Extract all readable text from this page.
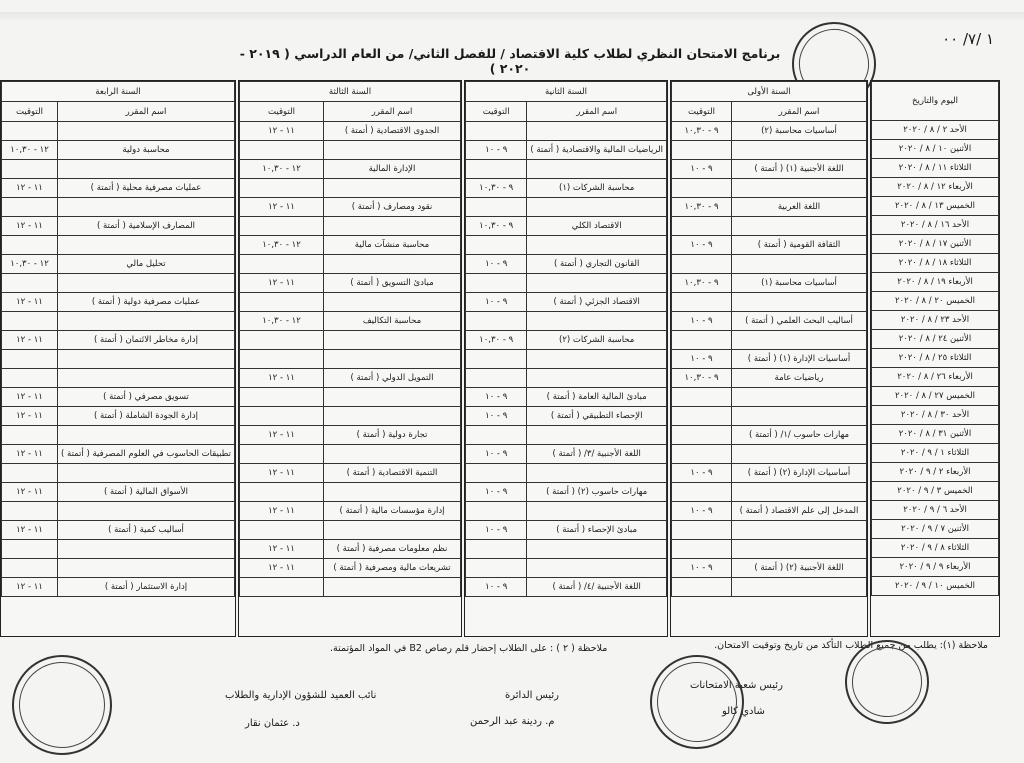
١ /٧/ ٠٠
برنامج الامتحان النظري لطلاب كلية الاقتصاد / للفصل الثاني/ من العام الدراسي ( ٢٠١٩ - ٢٠٢٠ )
السنة الرابعة	
اسم المقرر	التوقيت

محاسبة دولية	١٢ - ١٠,٣٠

عمليات مصرفية محلية ( أتمتة )	١١ - ١٢

المصارف الإسلامية ( أتمتة )	١١ - ١٢

تحليل مالي	١٢ - ١٠,٣٠

عمليات مصرفية دولية ( أتمتة )	١١ - ١٢

إدارة مخاطر الائتمان ( أتمتة )	١١ - ١٢

تسويق مصرفي ( أتمتة )	١١ - ١٢
إدارة الجودة الشاملة ( أتمتة )	١١ - ١٢

تطبيقات الحاسوب في العلوم المصرفية ( أتمتة )	١١ - ١٢

الأسواق المالية ( أتمتة )	١١ - ١٢

أساليب كمية ( أتمتة )	١١ - ١٢

إدارة الاستثمار ( أتمتة )	١١ - ١٢
السنة الثالثة	
اسم المقرر	التوقيت
الجدوى الاقتصادية ( أتمتة )	١١ - ١٢

الإدارة المالية	١٢ - ١٠,٣٠

نقود ومصارف ( أتمتة )	١١ - ١٢

محاسبة منشآت مالية	١٢ - ١٠,٣٠

مبادئ التسويق ( أتمتة )	١١ - ١٢

محاسبة التكاليف	١٢ - ١٠,٣٠

التمويل الدولي ( أتمتة )	١١ - ١٢

تجارة دولية ( أتمتة )	١١ - ١٢

التنمية الاقتصادية ( أتمتة )	١١ - ١٢

إدارة مؤسسات مالية ( أتمتة )	١١ - ١٢

نظم معلومات مصرفية ( أتمتة )	١١ - ١٢
تشريعات مالية ومصرفية ( أتمتة )	١١ - ١٢

السنة الثانية	
اسم المقرر	التوقيت

الرياضيات المالية والاقتصادية ( أتمتة )	٩ - ١٠

محاسبة الشركات (١)	٩ - ١٠,٣٠

الاقتصاد الكلي	٩ - ١٠,٣٠

القانون التجاري ( أتمتة )	٩ - ١٠

الاقتصاد الجزئي ( أتمتة )	٩ - ١٠

محاسبة الشركات (٢)	٩ - ١٠,٣٠

مبادئ المالية العامة ( أتمتة )	٩ - ١٠
الإحصاء التطبيقي ( أتمتة )	٩ - ١٠

اللغة الأجنبية /٣/ ( أتمتة )	٩ - ١٠

مهارات حاسوب (٢) ( أتمتة )	٩ - ١٠

مبادئ الإحصاء ( أتمتة )	٩ - ١٠

اللغة الأجنبية /٤/ ( أتمتة )	٩ - ١٠
السنة الأولى	
اسم المقرر	التوقيت
أساسيات محاسبة (٢)	٩ - ١٠,٣٠

اللغة الأجنبية (١) ( أتمتة )	٩ - ١٠

اللغة العربية	٩ - ١٠,٣٠

الثقافة القومية ( أتمتة )	٩ - ١٠

أساسيات محاسبة (١)	٩ - ١٠,٣٠

أساليب البحث العلمي ( أتمتة )	٩ - ١٠

أساسيات الإدارة (١) ( أتمتة )	٩ - ١٠
رياضيات عامة	٩ - ١٠,٣٠

مهارات حاسوب /١/ ( أتمتة )	

أساسيات الإدارة (٢) ( أتمتة )	٩ - ١٠

المدخل إلى علم الاقتصاد ( أتمتة )	٩ - ١٠

اللغة الأجنبية (٢) ( أتمتة )	٩ - ١٠

اليوم والتاريخ
الأحد ٢ / ٨ / ٢٠٢٠
الأثنين ١٠ / ٨ / ٢٠٢٠
الثلاثاء ١١ / ٨ / ٢٠٢٠
الأربعاء ١٢ / ٨ / ٢٠٢٠
الخميس ١٣ / ٨ / ٢٠٢٠
الأحد ١٦ / ٨ / ٢٠٢٠
الأثنين ١٧ / ٨ / ٢٠٢٠
الثلاثاء ١٨ / ٨ / ٢٠٢٠
الأربعاء ١٩ / ٨ / ٢٠٢٠
الخميس ٢٠ / ٨ / ٢٠٢٠
الأحد ٢٣ / ٨ / ٢٠٢٠
الأثنين ٢٤ / ٨ / ٢٠٢٠
الثلاثاء ٢٥ / ٨ / ٢٠٢٠
الأربعاء ٢٦ / ٨ / ٢٠٢٠
الخميس ٢٧ / ٨ / ٢٠٢٠
الأحد ٣٠ / ٨ / ٢٠٢٠
الأثنين ٣١ / ٨ / ٢٠٢٠
الثلاثاء ١ / ٩ / ٢٠٢٠
الأربعاء ٢ / ٩ / ٢٠٢٠
الخميس ٣ / ٩ / ٢٠٢٠
الأحد ٦ / ٩ / ٢٠٢٠
الأثنين ٧ / ٩ / ٢٠٢٠
الثلاثاء ٨ / ٩ / ٢٠٢٠
الأربعاء ٩ / ٩ / ٢٠٢٠
الخميس ١٠ / ٩ / ٢٠٢٠
ملاحظة (١): يطلب من جميع الطلاب التأكد من تاريخ وتوقيت الامتحان.
ملاحظة ( ٢ ) : على الطلاب إحضار قلم رصاص B2 في المواد المؤتمتة.
رئيس شعبة الامتحانات
شادي كالو
رئيس الدائرة
م. ردينة عبد الرحمن
نائب العميد للشؤون الإدارية والطلاب
د. عثمان نقار
